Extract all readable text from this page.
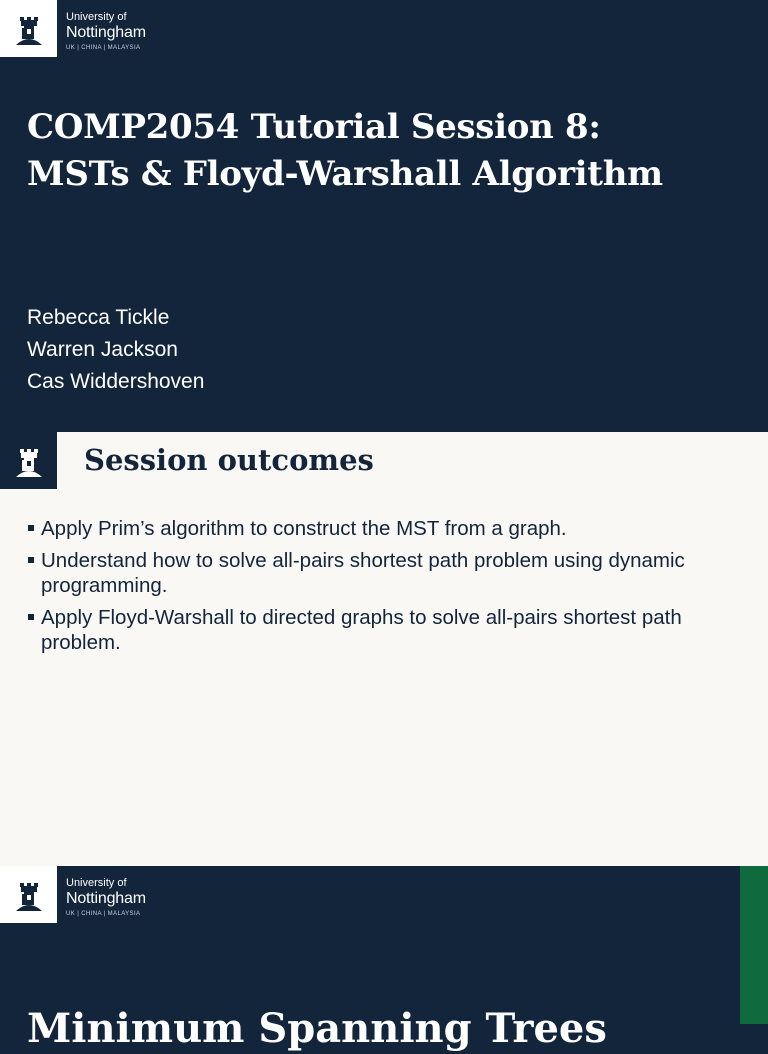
University of
Nottingham
UK | CHINA | MALAYSIA
COMP2054 Tutorial Session 8:
MSTs & Floyd-Warshall Algorithm
Rebecca Tickle
Warren Jackson
Cas Widdershoven
Session outcomes
Apply Prim’s algorithm to construct the MST from a graph.
Understand how to solve all-pairs shortest path problem using dynamic programming.
Apply Floyd-Warshall to directed graphs to solve all-pairs shortest path problem.
University of
Nottingham
UK | CHINA | MALAYSIA
Minimum Spanning Trees
